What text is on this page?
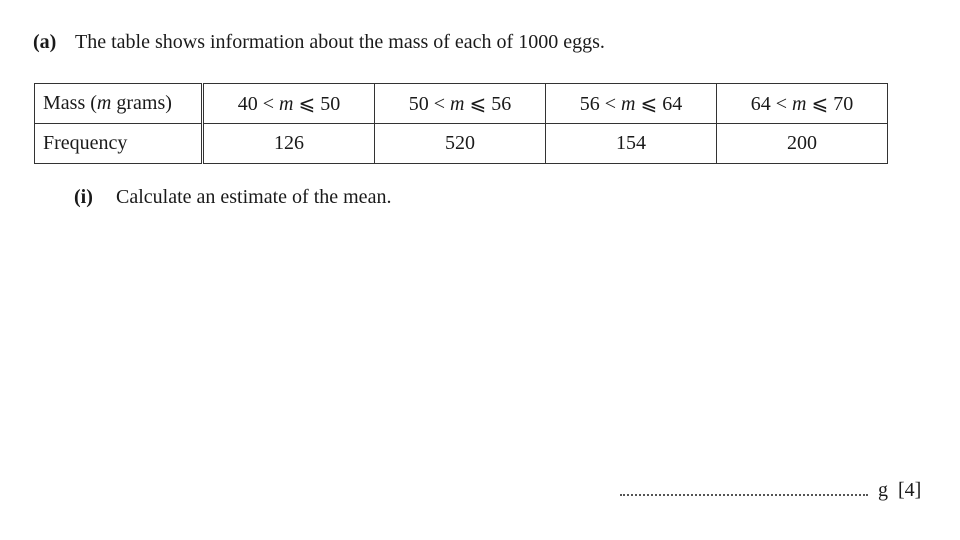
(a) The table shows information about the mass of each of 1000 eggs.
Mass (m grams)	40 < m ⩽ 50	50 < m ⩽ 56	56 < m ⩽ 64	64 < m ⩽ 70
Frequency	126	520	154	200
(i) Calculate an estimate of the mean.
g [4]
